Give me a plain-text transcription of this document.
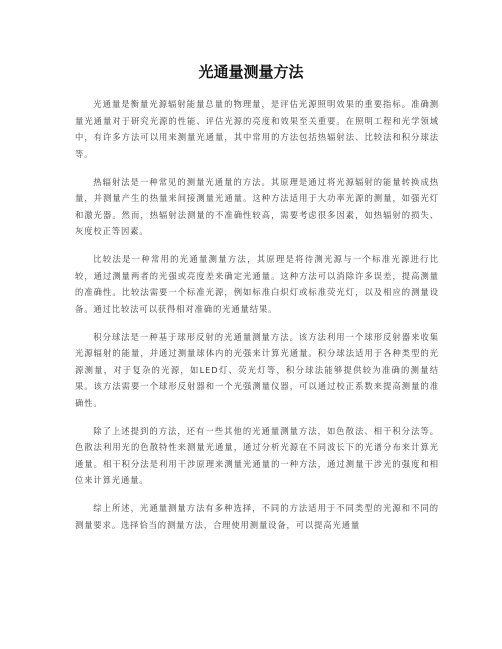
光通量测量方法

光通量是衡量光源辐射能量总量的物理量，是评估光源照明效果的重要指标。准确测量光通量对于研究光源的性能、评估光源的亮度和效果至关重要。在照明工程和光学领域中，有许多方法可以用来测量光通量，其中常用的方法包括热辐射法、比较法和积分球法等。

热辐射法是一种常见的测量光通量的方法。其原理是通过将光源辐射的能量转换成热量，并测量产生的热量来间接测量光通量。这种方法适用于大功率光源的测量，如强光灯和激光器。然而，热辐射法测量的不准确性较高，需要考虑很多因素，如热辐射的损失、灰度校正等因素。

比较法是一种常用的光通量测量方法，其原理是将待测光源与一个标准光源进行比较，通过测量两者的光强或亮度差来确定光通量。这种方法可以消除许多误差，提高测量的准确性。比较法需要一个标准光源，例如标准白炽灯或标准荧光灯，以及相应的测量设备。通过比较法可以获得相对准确的光通量结果。

积分球法是一种基于球形反射的光通量测量方法。该方法利用一个球形反射器来收集光源辐射的能量，并通过测量球体内的光强来计算光通量。积分球法适用于各种类型的光源测量，对于复杂的光源，如LED灯、荧光灯等，积分球法能够提供较为准确的测量结果。该方法需要一个球形反射器和一个光强测量仪器，可以通过校正系数来提高测量的准确性。

除了上述提到的方法，还有一些其他的光通量测量方法，如色散法、相干积分法等。色散法利用光的色散特性来测量光通量，通过分析光源在不同波长下的光谱分布来计算光通量。相干积分法是利用干涉原理来测量光通量的一种方法，通过测量干涉光的强度和相位来计算光通量。

综上所述，光通量测量方法有多种选择，不同的方法适用于不同类型的光源和不同的测量要求。选择恰当的测量方法，合理使用测量设备，可以提高光通量
